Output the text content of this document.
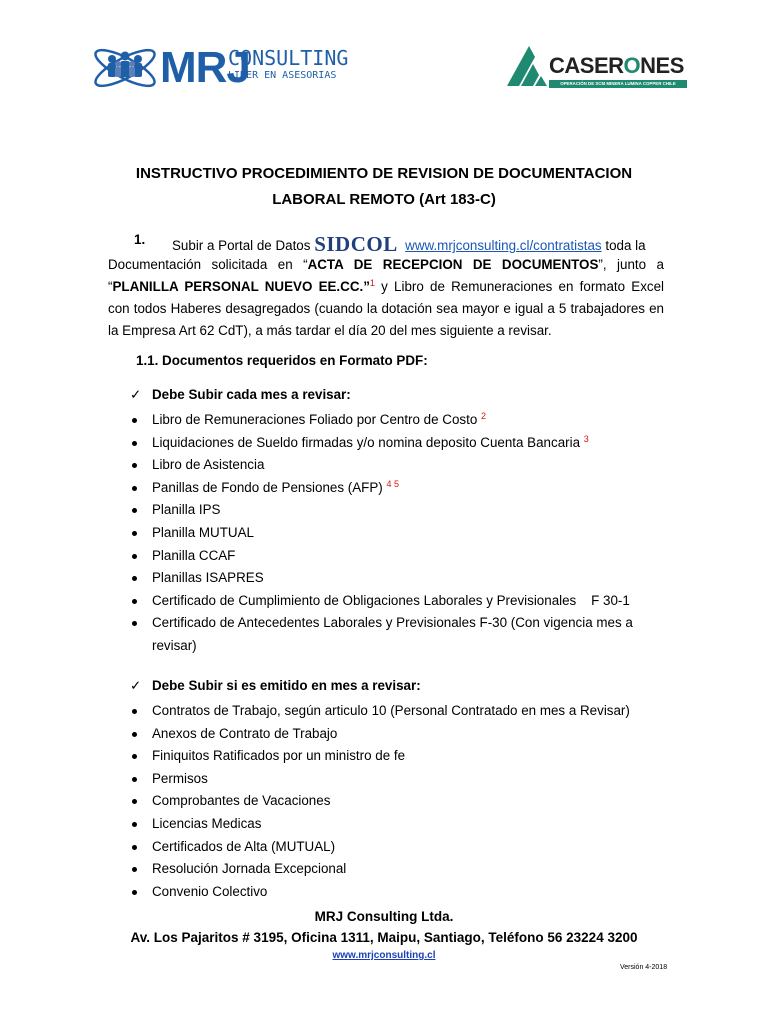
MRJ
CONSULTING
LIDER EN ASESORIAS	CASERONES
OPERACIÓN DE SCM MINERA LUMINA COPPER CHILE
INSTRUCTIVO PROCEDIMIENTO DE REVISION DE DOCUMENTACION
LABORAL REMOTO (Art 183-C)
1. Subir a Portal de Datos SIDCOL www.mrjconsulting.cl/contratistas toda la
Documentación solicitada en “ACTA DE RECEPCION DE DOCUMENTOS”, junto a “PLANILLA PERSONAL NUEVO EE.CC.”$^1$ y Libro de Remuneraciones en formato Excel con todos Haberes desagregados (cuando la dotación sea mayor e igual a 5 trabajadores en la Empresa Art 62 CdT), a más tardar el día 20 del mes siguiente a revisar.
1.1. Documentos requeridos en Formato PDF:
✓ Debe Subir cada mes a revisar:
Libro de Remuneraciones Foliado por Centro de Costo $^2$
Liquidaciones de Sueldo firmadas y/o nomina deposito Cuenta Bancaria $^3$
Libro de Asistencia
Panillas de Fondo de Pensiones (AFP) $^{4 5}$
Planilla IPS
Planilla MUTUAL
Planilla CCAF
Planillas ISAPRES
Certificado de Cumplimiento de Obligaciones Laborales y Previsionales    F 30-1
Certificado de Antecedentes Laborales y Previsionales F-30 (Con vigencia mes a revisar)
✓ Debe Subir si es emitido en mes a revisar:
Contratos de Trabajo, según articulo 10 (Personal Contratado en mes a Revisar)
Anexos de Contrato de Trabajo
Finiquitos Ratificados por un ministro de fe
Permisos
Comprobantes de Vacaciones
Licencias Medicas
Certificados de Alta (MUTUAL)
Resolución Jornada Excepcional
Convenio Colectivo
MRJ Consulting Ltda.
Av. Los Pajaritos # 3195, Oficina 1311, Maipu, Santiago, Teléfono 56 23224 3200
www.mrjconsulting.cl
Versión 4-2018
